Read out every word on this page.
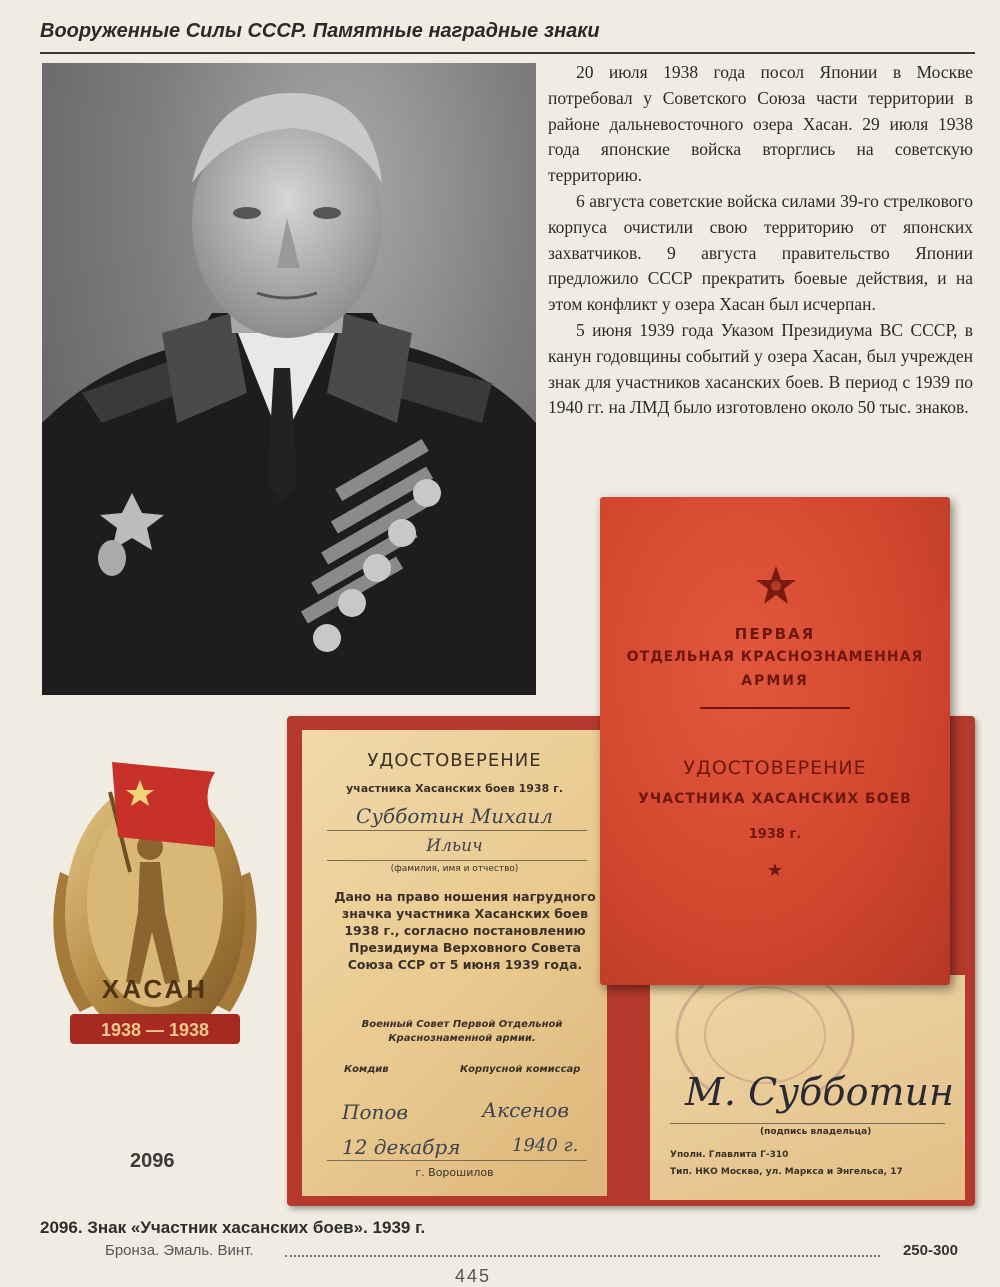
Вооруженные Силы СССР. Памятные наградные знаки

20 июля 1938 года посол Японии в Москве потребовал у Советского Союза части территории в районе дальневосточного озера Хасан. 29 июля 1938 года японские войска вторглись на советскую территорию.

6 августа советские войска силами 39-го стрелкового корпуса очистили свою территорию от японских захватчиков. 9 августа правительство Японии предложило СССР прекратить боевые действия, и на этом конфликт у озера Хасан был исчерпан.

5 июня 1939 года Указом Президиума ВС СССР, в канун годовщины событий у озера Хасан, был учрежден знак для участников хасанских боев. В период с 1939 по 1940 гг. на ЛМД было изготовлено около 50 тыс. знаков.

УДОСТОВЕРЕНИЕ
участника Хасанских боев 1938 г.
Субботин Михаил
Ильич
(фамилия, имя и отчество)
Дано на право ношения нагрудного значка участника Хасанских боев 1938 г., согласно постановлению Президиума Верховного Совета Союза ССР от 5 июня 1939 года.
Военный Совет Первой Отдельной Краснознаменной армии.
Комдив	Корпусной комиссар
Попов	Аксенов
12 декабря	1940 г.
г. Ворошилов
М. Субботин
(подпись владельца)
Уполн. Главлита Г-310
Тип. НКО Москва, ул. Маркса и Энгельса, 17
ПЕРВАЯ
ОТДЕЛЬНАЯ КРАСНОЗНАМЕННАЯ
АРМИЯ
УДОСТОВЕРЕНИЕ
УЧАСТНИКА ХАСАНСКИХ БОЕВ
1938 г.
★
ХАСАН
1938 — 1938
2096
2096. Знак «Участник хасанских боев». 1939 г.
Бронза. Эмаль. Винт.	250-300
445
